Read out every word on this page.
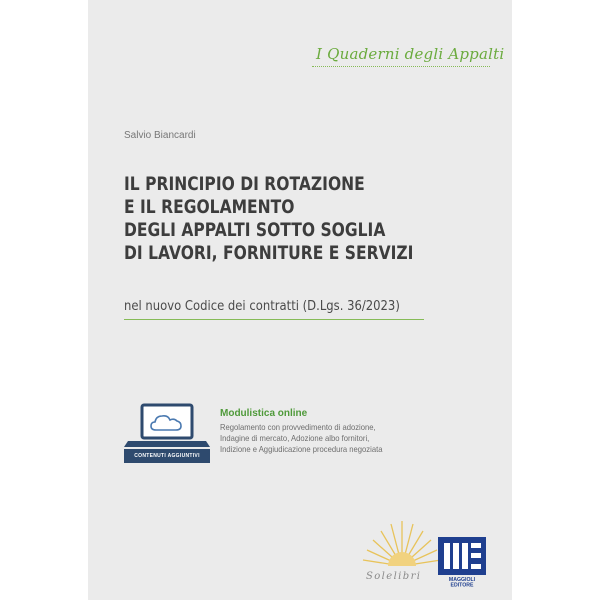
I Quaderni degli Appalti
Salvio Biancardi
IL PRINCIPIO DI ROTAZIONE
E IL REGOLAMENTO
DEGLI APPALTI SOTTO SOGLIA
DI LAVORI, FORNITURE E SERVIZI
nel nuovo Codice dei contratti (D.Lgs. 36/2023)
CONTENUTI AGGIUNTIVI
Modulistica online
Regolamento con provvedimento di adozione,
Indagine di mercato, Adozione albo fornitori,
Indizione e Aggiudicazione procedura negoziata
Solelibri	MAGGIOLI
EDITORE
